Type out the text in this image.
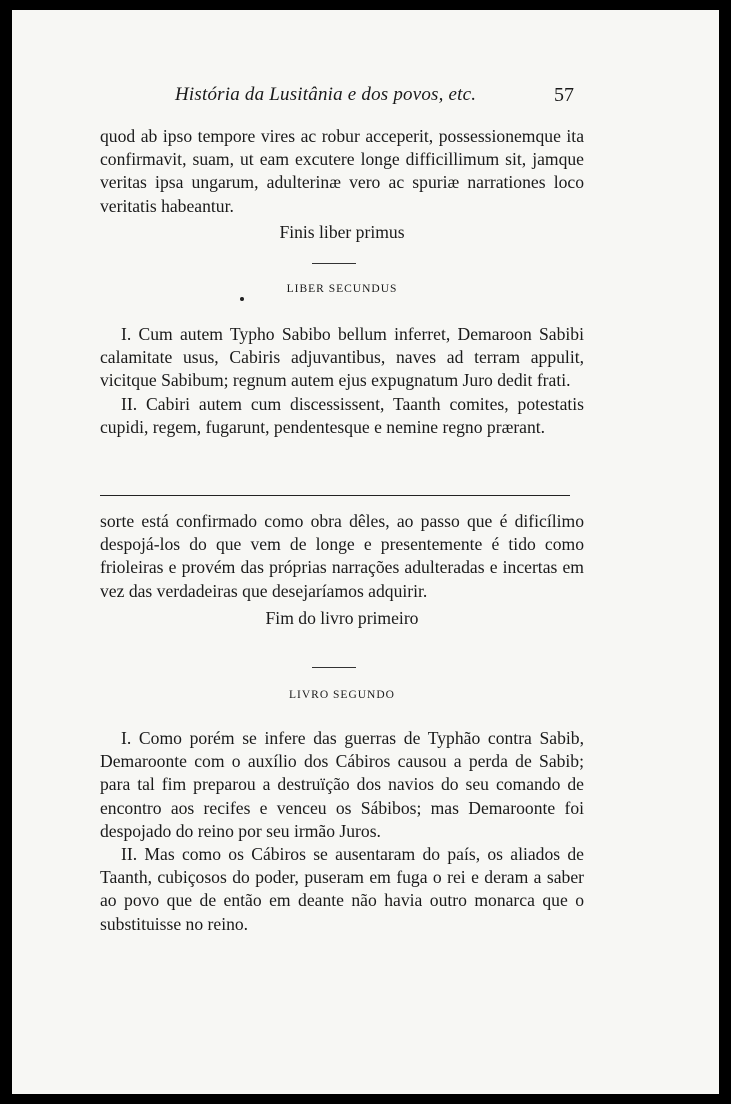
História da Lusitânia e dos povos, etc.	57

quod ab ipso tempore vires ac robur acceperit, possessionemque ita confirmavit, suam, ut eam excutere longe difficillimum sit, jamque veritas ipsa ungarum, adulterinæ vero ac spuriæ narrationes loco veritatis habeantur.

Finis liber primus
LIBER SECUNDUS

I. Cum autem Typho Sabibo bellum inferret, Demaroon Sabibi calamitate usus, Cabiris adjuvantibus, naves ad terram appulit, vicitque Sabibum; regnum autem ejus expugnatum Juro dedit frati.

II. Cabiri autem cum discessissent, Taanth comites, potestatis cupidi, regem, fugarunt, pendentesque e nemine regno prærant.

sorte está confirmado como obra dêles, ao passo que é dificílimo despojá-los do que vem de longe e presentemente é tido como frioleiras e provém das próprias narrações adulteradas e incertas em vez das verdadeiras que desejaríamos adquirir.

Fim do livro primeiro
LIVRO SEGUNDO

I. Como porém se infere das guerras de Typhão contra Sabib, Demaroonte com o auxílio dos Cábiros causou a perda de Sabib; para tal fim preparou a destruïção dos navios do seu comando de encontro aos recifes e venceu os Sábibos; mas Demaroonte foi despojado do reino por seu irmão Juros.

II. Mas como os Cábiros se ausentaram do país, os aliados de Taanth, cubiçosos do poder, puseram em fuga o rei e deram a saber ao povo que de então em deante não havia outro monarca que o substituisse no reino.
